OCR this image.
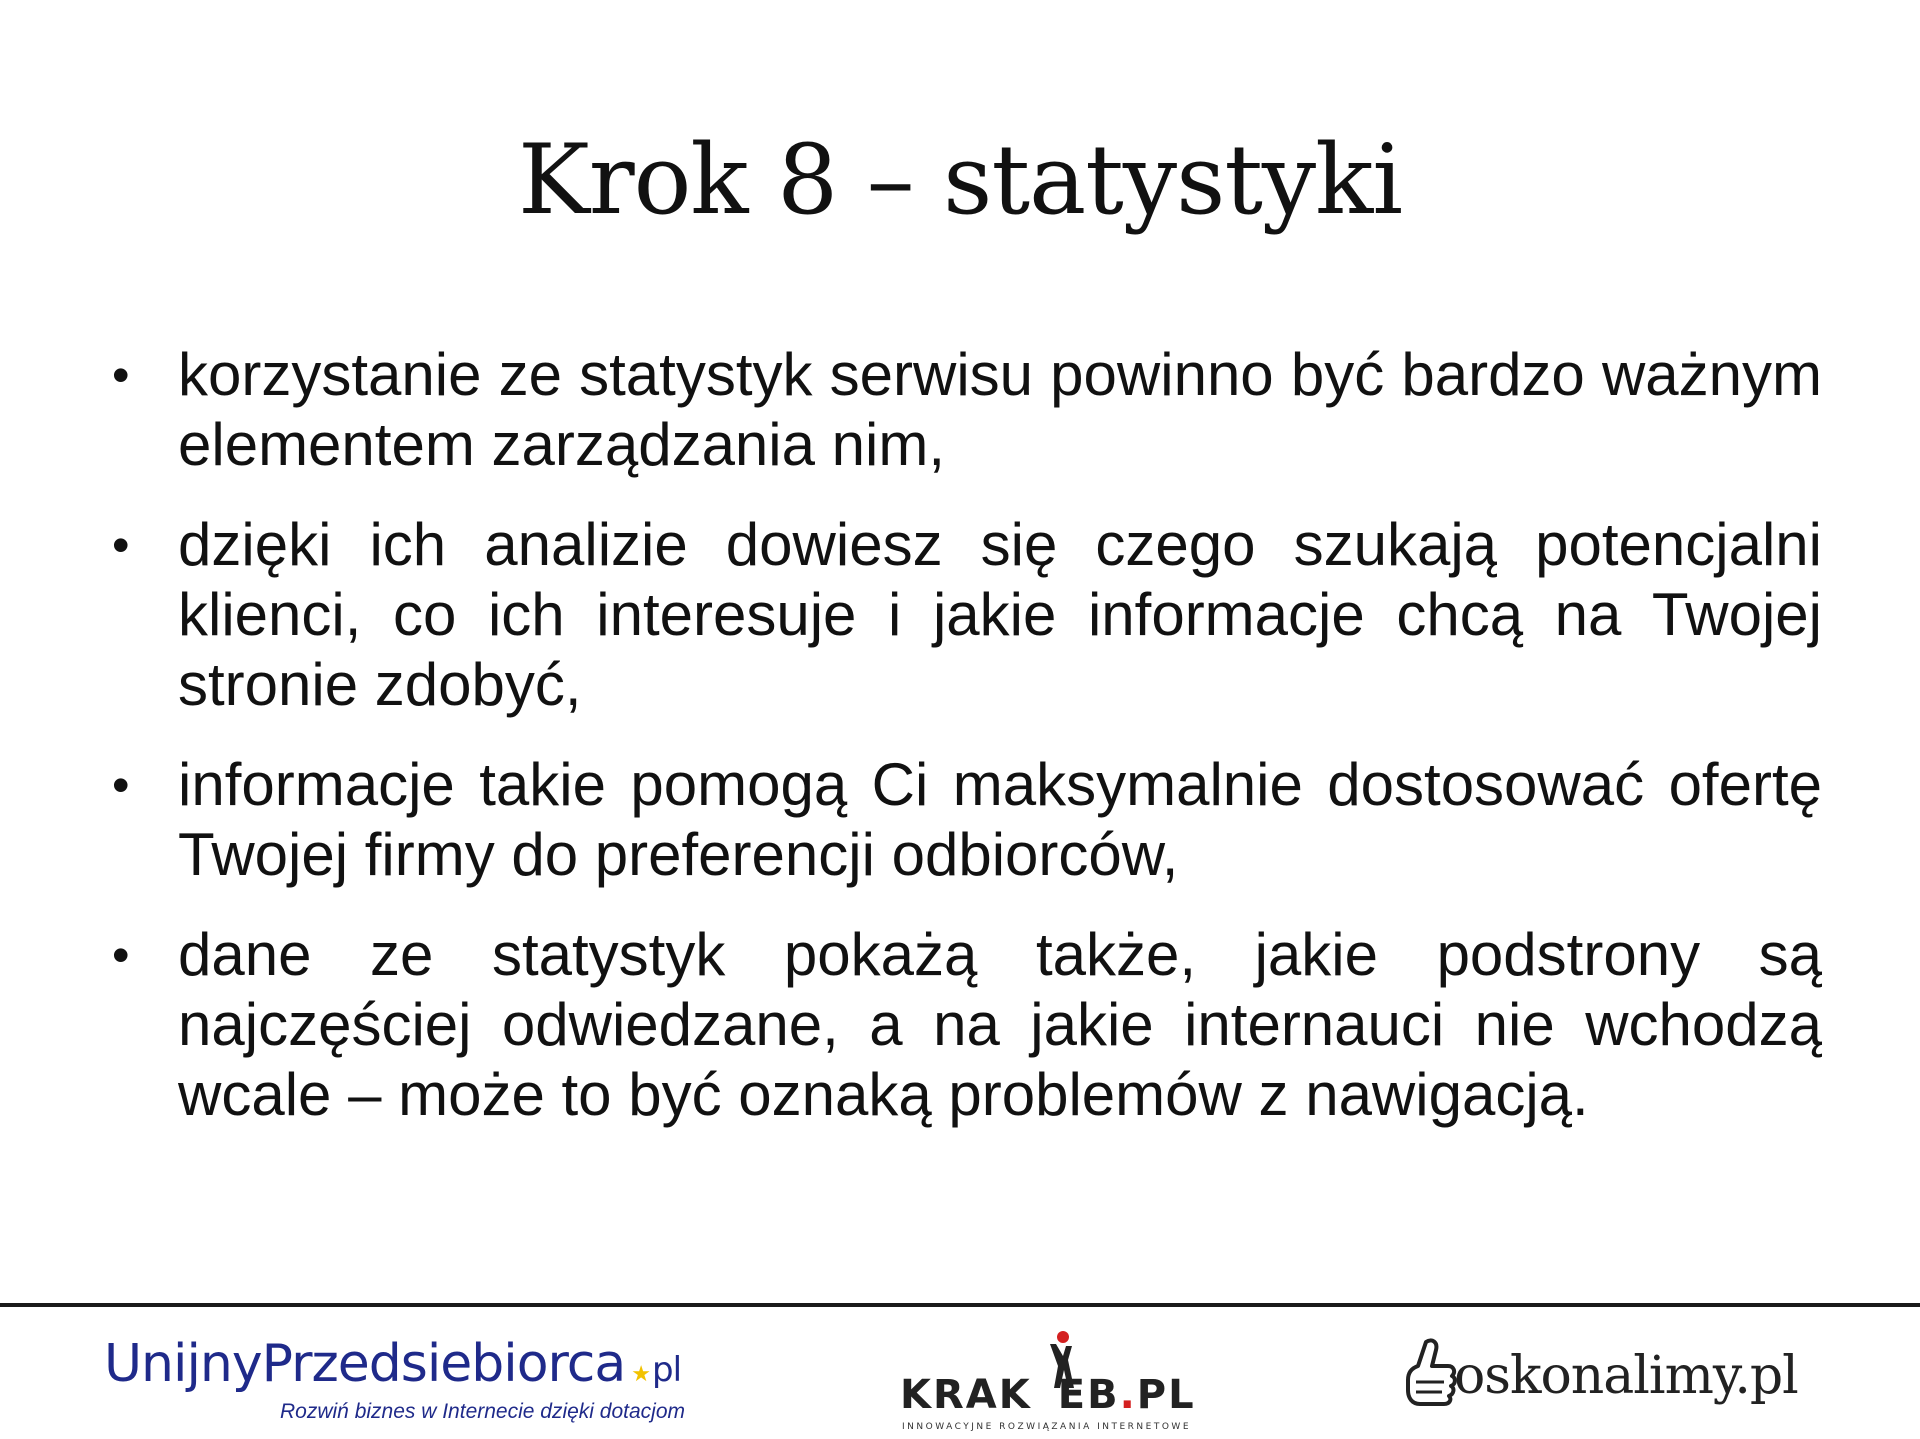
Krok 8 – statystyki
• korzystanie ze statystyk serwisu powinno być bardzo ważnym elementem zarządzania nim,
• dzięki ich analizie dowiesz się czego szukają potencjalni klienci, co ich interesuje i jakie informacje chcą na Twojej stronie zdobyć,
• informacje takie pomogą Ci maksymalnie dostosować ofertę Twojej firmy do preferencji odbiorców,
• dane ze statystyk pokażą także, jakie podstrony są najczęściej odwiedzane, a na jakie internauci nie wchodzą wcale – może to być oznaką problemów z nawigacją.
UnijnyPrzedsiebiorca ★pl
Rozwiń biznes w Internecie dzięki dotacjom	KRAK EB.PL
INNOWACYJNE ROZWIĄZANIA INTERNETOWE
oskonalimy.pl
